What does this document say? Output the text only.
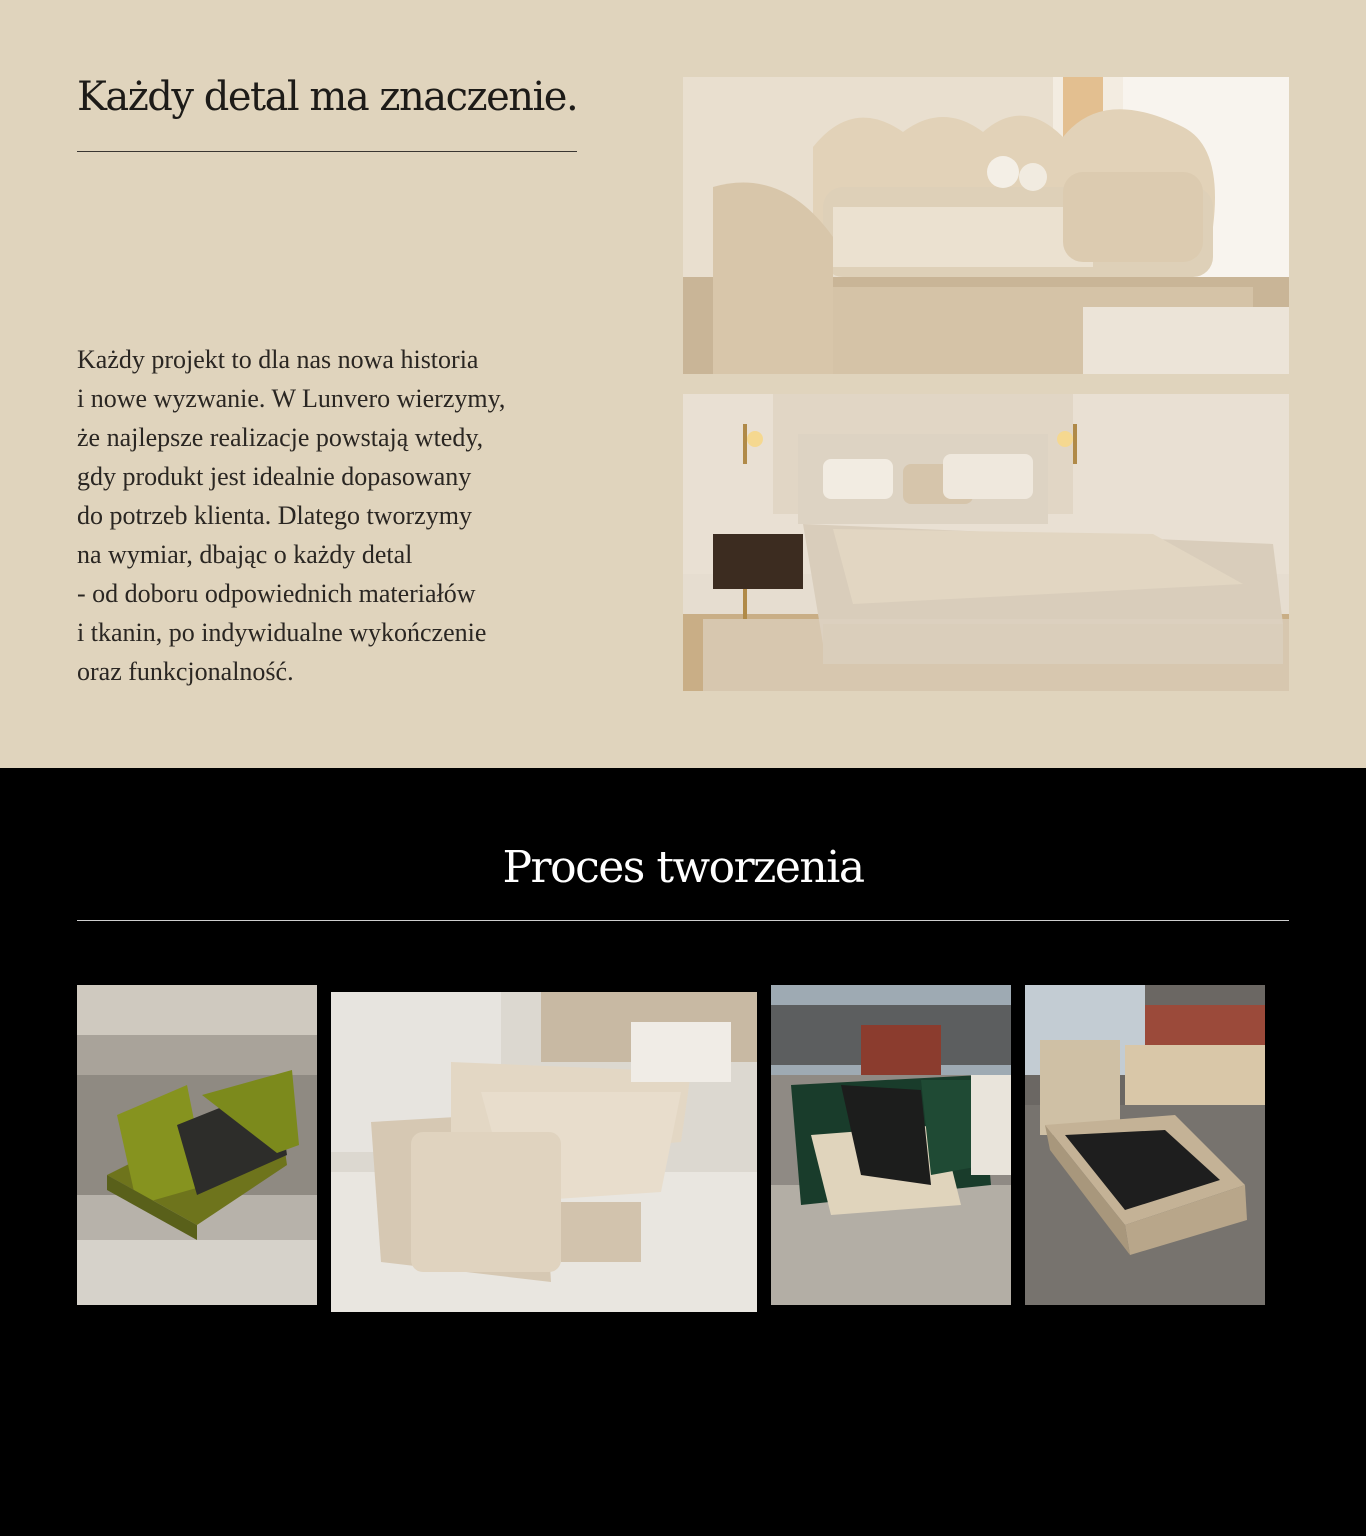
Każdy detal ma znaczenie.

Każdy projekt to dla nas nowa historia
i nowe wyzwanie. W Lunvero wierzymy,
że najlepsze realizacje powstają wtedy,
gdy produkt jest idealnie dopasowany
do potrzeb klienta. Dlatego tworzymy
na wymiar, dbając o każdy detal
- od doboru odpowiednich materiałów
i tkanin, po indywidualne wykończenie
oraz funkcjonalność.

Proces tworzenia
